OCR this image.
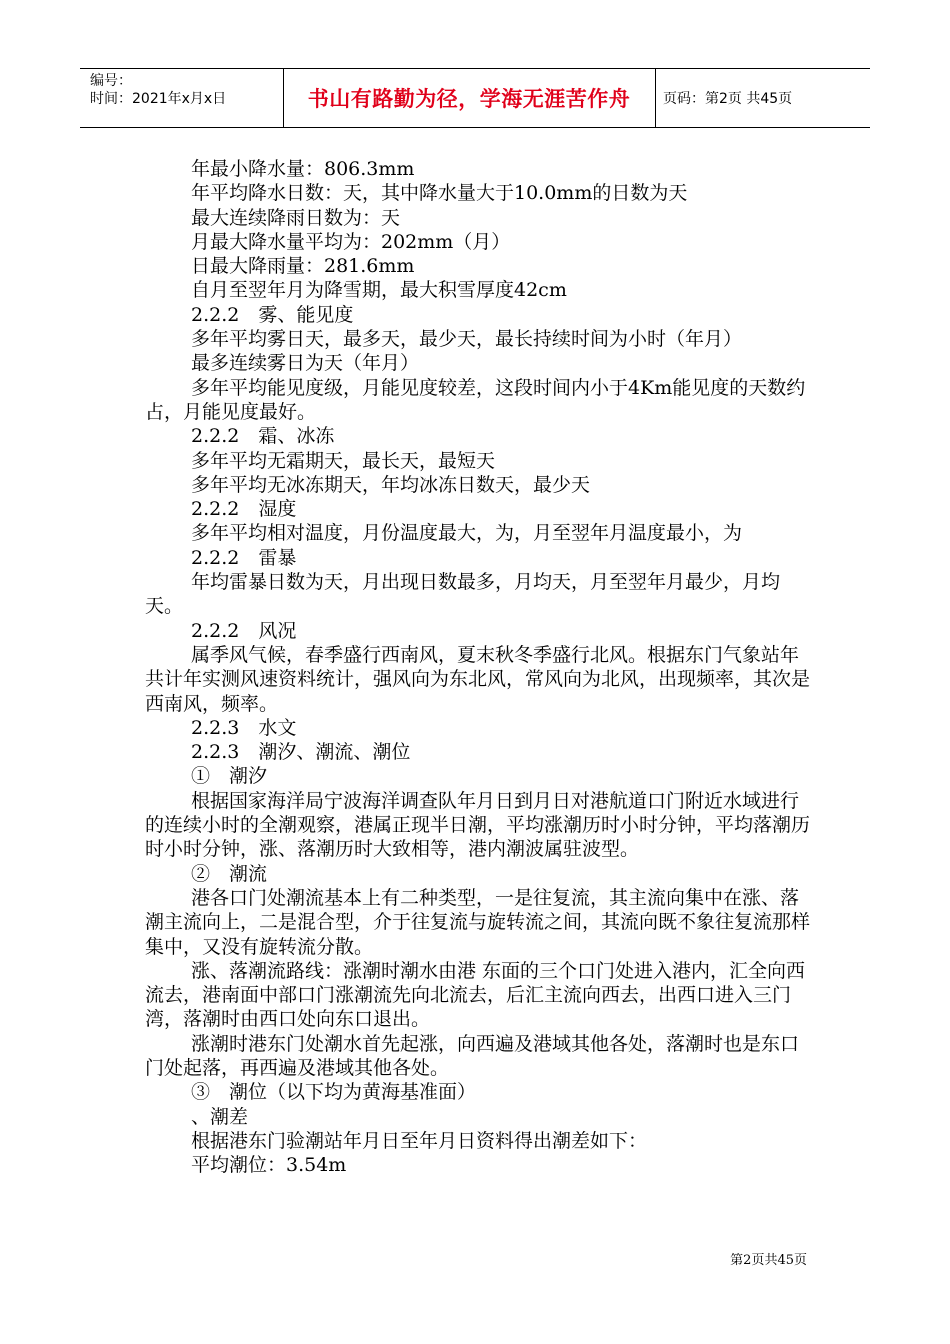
编号：
时间：2021年x月x日	书山有路勤为径，学海无涯苦作舟	页码：第2页 共45页

年最小降水量：806.3mm

年平均降水日数：天，其中降水量大于10.0mm的日数为天

最大连续降雨日数为：天

月最大降水量平均为：202mm（月）

日最大降雨量：281.6mm

自月至翌年月为降雪期，最大积雪厚度42cm

2.2.2　雾、能见度

多年平均雾日天，最多天，最少天，最长持续时间为小时（年月）

最多连续雾日为天（年月）

多年平均能见度级，月能见度较差，这段时间内小于4Km能见度的天数约占，月能见度最好。

2.2.2　霜、冰冻

多年平均无霜期天，最长天，最短天

多年平均无冰冻期天，年均冰冻日数天，最少天

2.2.2　湿度

多年平均相对温度，月份温度最大，为，月至翌年月温度最小，为

2.2.2　雷暴

年均雷暴日数为天，月出现日数最多，月均天，月至翌年月最少，月均天。

2.2.2　风况

属季风气候，春季盛行西南风，夏末秋冬季盛行北风。根据东门气象站年共计年实测风速资料统计，强风向为东北风，常风向为北风，出现频率，其次是西南风，频率。

2.2.3　水文

2.2.3　潮汐、潮流、潮位

①　潮汐

根据国家海洋局宁波海洋调查队年月日到月日对港航道口门附近水域进行的连续小时的全潮观察，港属正现半日潮，平均涨潮历时小时分钟，平均落潮历时小时分钟，涨、落潮历时大致相等，港内潮波属驻波型。

②　潮流

港各口门处潮流基本上有二种类型，一是往复流，其主流向集中在涨、落潮主流向上，二是混合型，介于往复流与旋转流之间，其流向既不象往复流那样集中，又没有旋转流分散。

涨、落潮流路线：涨潮时潮水由港 东面的三个口门处进入港内，汇全向西流去，港南面中部口门涨潮流先向北流去，后汇主流向西去，出西口进入三门湾，落潮时由西口处向东口退出。

涨潮时港东门处潮水首先起涨，向西遍及港域其他各处，落潮时也是东口门处起落，再西遍及港域其他各处。

③　潮位（以下均为黄海基准面）

、潮差

根据港东门验潮站年月日至年月日资料得出潮差如下：

平均潮位：3.54m

第2页共45页
